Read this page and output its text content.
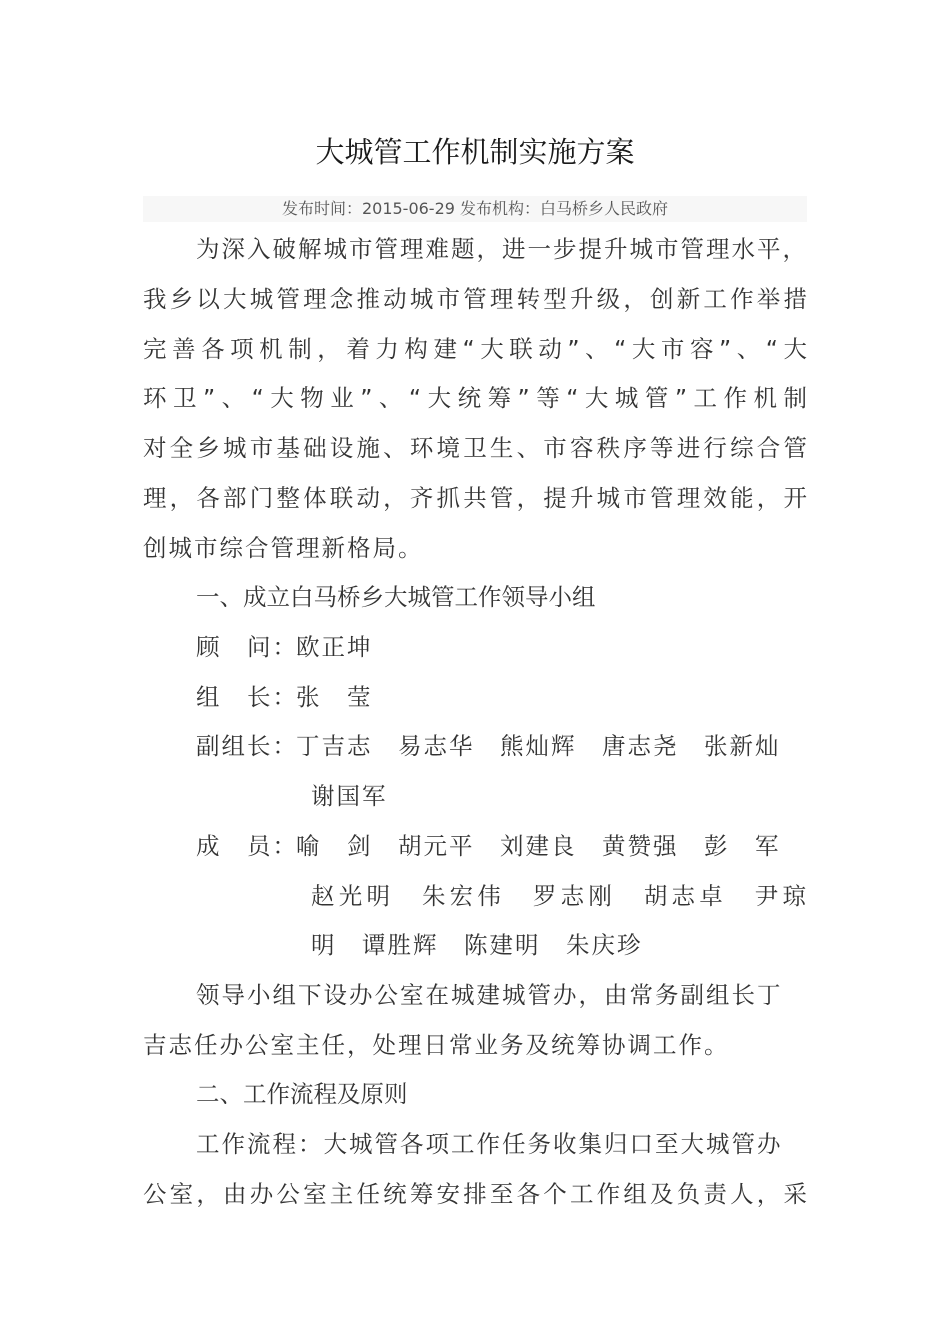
大城管工作机制实施方案
发布时间：2015-06-29 发布机构：白马桥乡人民政府
为深入破解城市管理难题，进一步提升城市管理水平，
我乡以大城管理念推动城市管理转型升级，创新工作举措
完善各项机制，着力构建“大联动”、“大市容”、“大
环卫”、“大物业”、“大统筹”等“大城管”工作机制
对全乡城市基础设施、环境卫生、市容秩序等进行综合管
理，各部门整体联动，齐抓共管，提升城市管理效能，开
创城市综合管理新格局。
一、成立白马桥乡大城管工作领导小组
顾　问：欧正坤
组　长：张　莹
副组长：丁吉志　易志华　熊灿辉　唐志尧　张新灿
谢国军
成　员：喻　剑　胡元平　刘建良　黄赞强　彭　军
赵光明　朱宏伟　罗志刚　胡志卓　尹琼
明　谭胜辉　陈建明　朱庆珍
领导小组下设办公室在城建城管办，由常务副组长丁
吉志任办公室主任，处理日常业务及统筹协调工作。
二、工作流程及原则
工作流程：大城管各项工作任务收集归口至大城管办
公室，由办公室主任统筹安排至各个工作组及负责人，采
